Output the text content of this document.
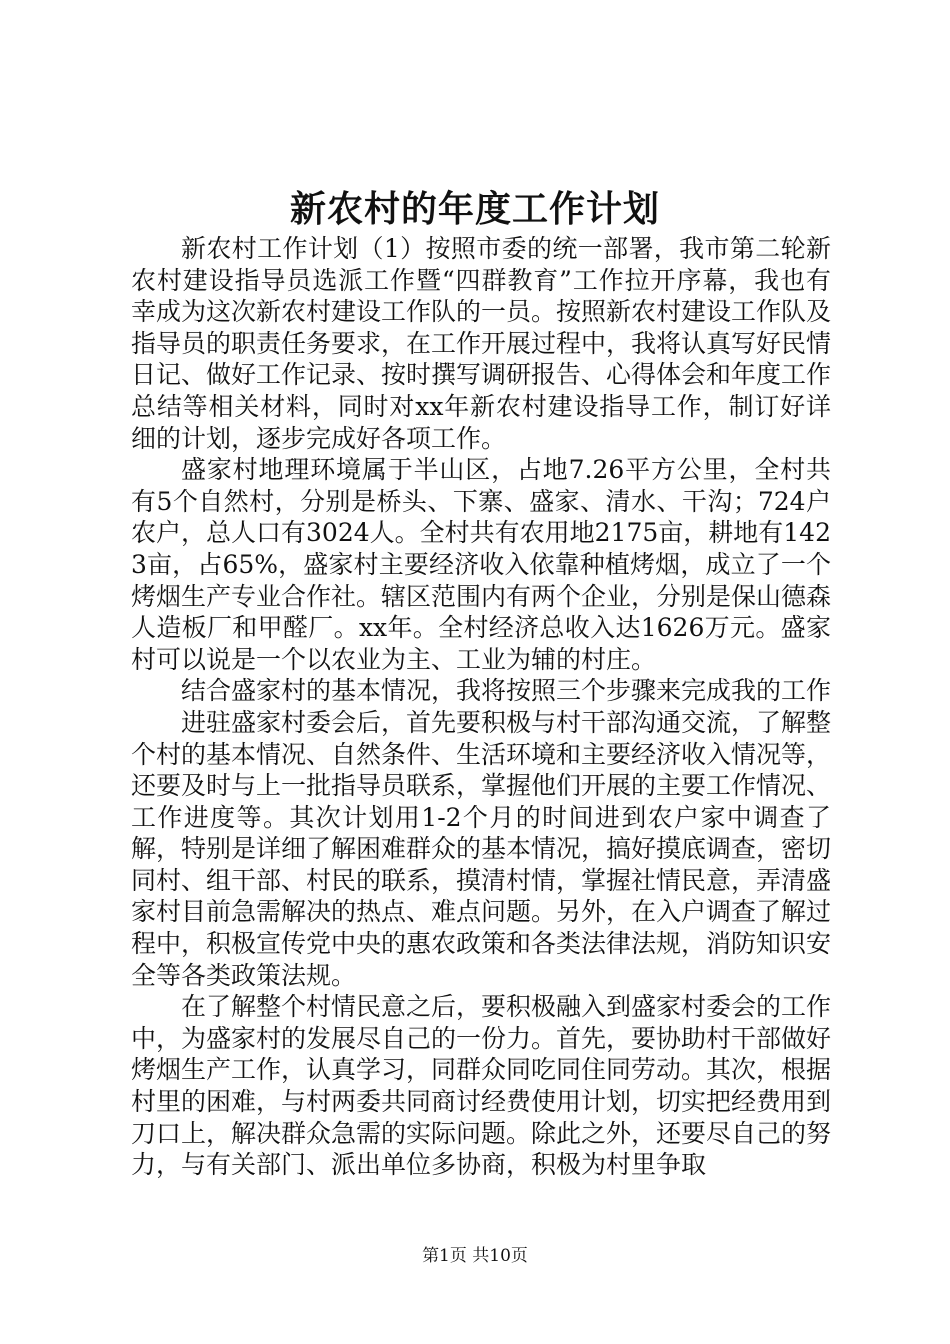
新农村的年度工作计划

新农村工作计划（1）按照市委的统一部署，我市第二轮新农村建设指导员选派工作暨“四群教育”工作拉开序幕，我也有幸成为这次新农村建设工作队的一员。按照新农村建设工作队及指导员的职责任务要求，在工作开展过程中，我将认真写好民情日记、做好工作记录、按时撰写调研报告、心得体会和年度工作总结等相关材料，同时对xx年新农村建设指导工作，制订好详细的计划，逐步完成好各项工作。

盛家村地理环境属于半山区，占地7.26平方公里，全村共有5个自然村，分别是桥头、下寨、盛家、清水、干沟；724户农户，总人口有3024人。全村共有农用地2175亩，耕地有1423亩，占65%，盛家村主要经济收入依靠种植烤烟，成立了一个烤烟生产专业合作社。辖区范围内有两个企业，分别是保山德森人造板厂和甲醛厂。xx年。全村经济总收入达1626万元。盛家村可以说是一个以农业为主、工业为辅的村庄。

结合盛家村的基本情况，我将按照三个步骤来完成我的工作

进驻盛家村委会后，首先要积极与村干部沟通交流，了解整个村的基本情况、自然条件、生活环境和主要经济收入情况等，还要及时与上一批指导员联系，掌握他们开展的主要工作情况、工作进度等。其次计划用1-2个月的时间进到农户家中调查了解，特别是详细了解困难群众的基本情况，搞好摸底调查，密切同村、组干部、村民的联系，摸清村情，掌握社情民意，弄清盛家村目前急需解决的热点、难点问题。另外，在入户调查了解过程中，积极宣传党中央的惠农政策和各类法律法规，消防知识安全等各类政策法规。

在了解整个村情民意之后，要积极融入到盛家村委会的工作中，为盛家村的发展尽自己的一份力。首先，要协助村干部做好烤烟生产工作，认真学习，同群众同吃同住同劳动。其次，根据村里的困难，与村两委共同商讨经费使用计划，切实把经费用到刀口上，解决群众急需的实际问题。除此之外，还要尽自己的努力，与有关部门、派出单位多协商，积极为村里争取

第1页 共10页
